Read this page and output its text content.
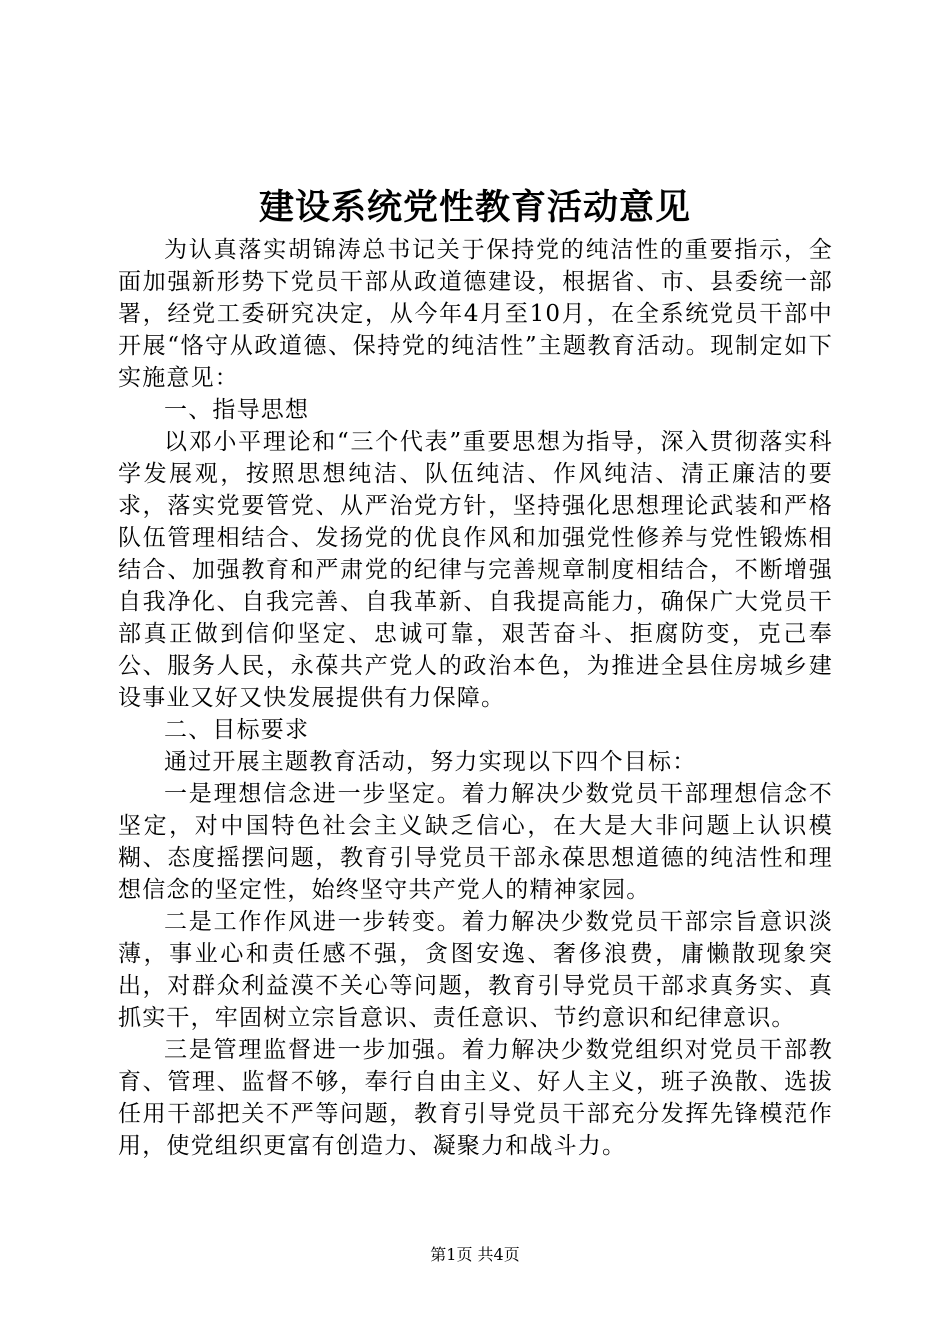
建设系统党性教育活动意见

为认真落实胡锦涛总书记关于保持党的纯洁性的重要指示，全面加强新形势下党员干部从政道德建设，根据省、市、县委统一部署，经党工委研究决定，从今年4月至10月，在全系统党员干部中开展“恪守从政道德、保持党的纯洁性”主题教育活动。现制定如下实施意见：

一、指导思想

以邓小平理论和“三个代表”重要思想为指导，深入贯彻落实科学发展观，按照思想纯洁、队伍纯洁、作风纯洁、清正廉洁的要求，落实党要管党、从严治党方针，坚持强化思想理论武装和严格队伍管理相结合、发扬党的优良作风和加强党性修养与党性锻炼相结合、加强教育和严肃党的纪律与完善规章制度相结合，不断增强自我净化、自我完善、自我革新、自我提高能力，确保广大党员干部真正做到信仰坚定、忠诚可靠，艰苦奋斗、拒腐防变，克己奉公、服务人民，永葆共产党人的政治本色，为推进全县住房城乡建设事业又好又快发展提供有力保障。

二、目标要求

通过开展主题教育活动，努力实现以下四个目标：

一是理想信念进一步坚定。着力解决少数党员干部理想信念不坚定，对中国特色社会主义缺乏信心，在大是大非问题上认识模糊、态度摇摆问题，教育引导党员干部永葆思想道德的纯洁性和理想信念的坚定性，始终坚守共产党人的精神家园。

二是工作作风进一步转变。着力解决少数党员干部宗旨意识淡薄，事业心和责任感不强，贪图安逸、奢侈浪费，庸懒散现象突出，对群众利益漠不关心等问题，教育引导党员干部求真务实、真抓实干，牢固树立宗旨意识、责任意识、节约意识和纪律意识。

三是管理监督进一步加强。着力解决少数党组织对党员干部教育、管理、监督不够，奉行自由主义、好人主义，班子涣散、选拔任用干部把关不严等问题，教育引导党员干部充分发挥先锋模范作用，使党组织更富有创造力、凝聚力和战斗力。

第1页 共4页
